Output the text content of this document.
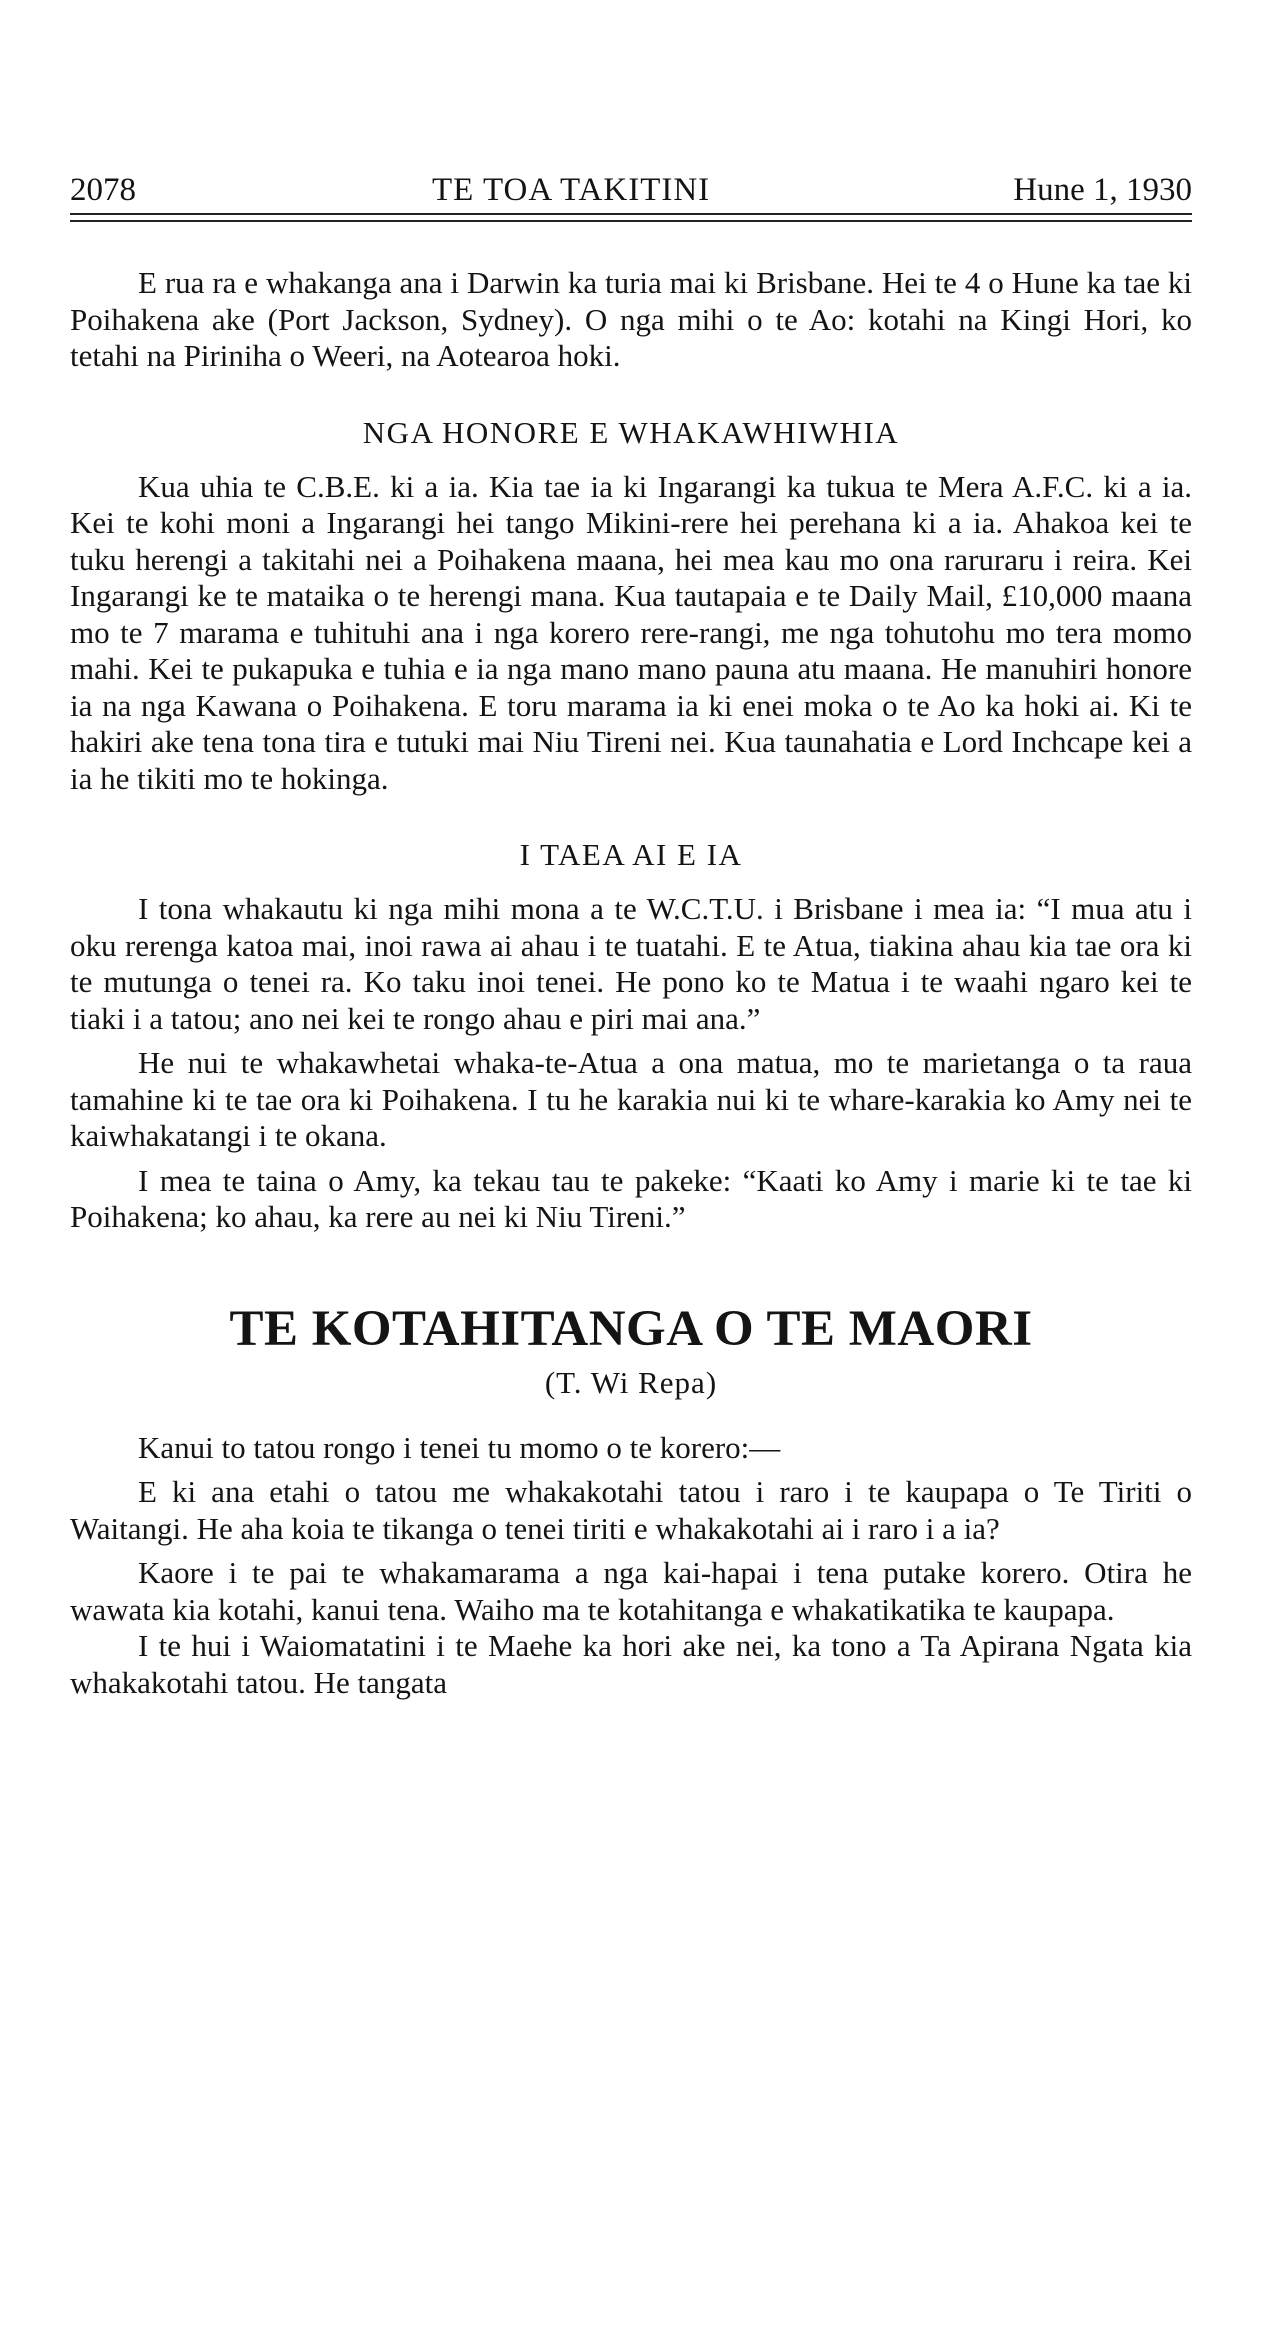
2078	TE TOA TAKITINI	Hune 1, 1930

E rua ra e whakanga ana i Darwin ka turia mai ki Brisbane. Hei te 4 o Hune ka tae ki Poihakena ake (Port Jackson, Sydney). O nga mihi o te Ao: kotahi na Kingi Hori, ko tetahi na Piriniha o Weeri, na Aotearoa hoki.

NGA HONORE E WHAKAWHIWHIA

Kua uhia te C.B.E. ki a ia. Kia tae ia ki Ingarangi ka tukua te Mera A.F.C. ki a ia. Kei te kohi moni a Ingarangi hei tango Mikini-rere hei perehana ki a ia. Ahakoa kei te tuku herengi a takitahi nei a Poihakena maana, hei mea kau mo ona raruraru i reira. Kei Ingarangi ke te mataika o te herengi mana. Kua tautapaia e te Daily Mail, £10,000 maana mo te 7 marama e tuhituhi ana i nga korero rere-rangi, me nga tohutohu mo tera momo mahi. Kei te pukapuka e tuhia e ia nga mano mano pauna atu maana. He manuhiri honore ia na nga Kawana o Poihakena. E toru marama ia ki enei moka o te Ao ka hoki ai. Ki te hakiri ake tena tona tira e tutuki mai Niu Tireni nei. Kua taunahatia e Lord Inchcape kei a ia he tikiti mo te hokinga.

I TAEA AI E IA

I tona whakautu ki nga mihi mona a te W.C.T.U. i Brisbane i mea ia: “I mua atu i oku rerenga katoa mai, inoi rawa ai ahau i te tuatahi. E te Atua, tiakina ahau kia tae ora ki te mutunga o tenei ra. Ko taku inoi tenei. He pono ko te Matua i te waahi ngaro kei te tiaki i a tatou; ano nei kei te rongo ahau e piri mai ana.”

He nui te whakawhetai whaka-te-Atua a ona matua, mo te marietanga o ta raua tamahine ki te tae ora ki Poihakena. I tu he karakia nui ki te whare-karakia ko Amy nei te kaiwhakatangi i te okana.

I mea te taina o Amy, ka tekau tau te pakeke: “Kaati ko Amy i marie ki te tae ki Poihakena; ko ahau, ka rere au nei ki Niu Tireni.”

TE KOTAHITANGA O TE MAORI
(T. Wi Repa)

Kanui to tatou rongo i tenei tu momo o te korero:—

E ki ana etahi o tatou me whakakotahi tatou i raro i te kaupapa o Te Tiriti o Waitangi. He aha koia te tikanga o tenei tiriti e whakakotahi ai i raro i a ia?

Kaore i te pai te whakamarama a nga kai-hapai i tena putake korero. Otira he wawata kia kotahi, kanui tena. Waiho ma te kotahitanga e whakatikatika te kaupapa.

I te hui i Waiomatatini i te Maehe ka hori ake nei, ka tono a Ta Apirana Ngata kia whakakotahi tatou. He tangata
